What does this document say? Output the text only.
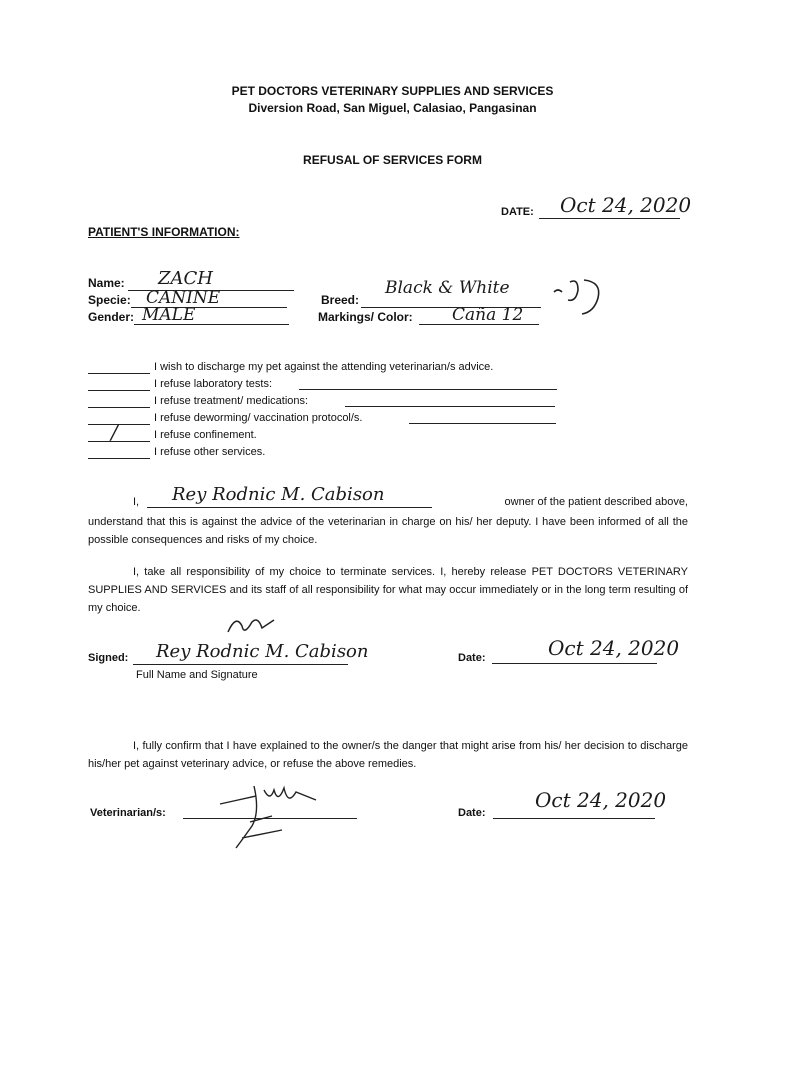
PET DOCTORS VETERINARY SUPPLIES AND SERVICES
Diversion Road, San Miguel, Calasiao, Pangasinan
REFUSAL OF SERVICES FORM
DATE: Oct 24, 2020
PATIENT'S INFORMATION:
Name: ZACH
Specie: CANINE
Gender: MALE
Breed:
Black & White
Markings/ Color: Caña 12
I wish to discharge my pet against the attending veterinarian/s advice.
I refuse laboratory tests:
I refuse treatment/ medications:
I refuse deworming/ vaccination protocol/s.
/	I refuse confinement.
I refuse other services.
I, Rey Rodnic M. Cabison	owner of the patient described above,
understand that this is against the advice of the veterinarian in charge on his/ her deputy. I have been informed of all the possible consequences and risks of my choice.
I, take all responsibility of my choice to terminate services. I, hereby release PET DOCTORS VETERINARY SUPPLIES AND SERVICES and its staff of all responsibility for what may occur immediately or in the long term resulting of my choice.
Signed: Rey Rodnic M. Cabison
Full Name and Signature
Date:	Oct 24, 2020
I, fully confirm that I have explained to the owner/s the danger that might arise from his/ her decision to discharge his/her pet against veterinary advice, or refuse the above remedies.
Veterinarian/s:	Date:
Oct 24, 2020
